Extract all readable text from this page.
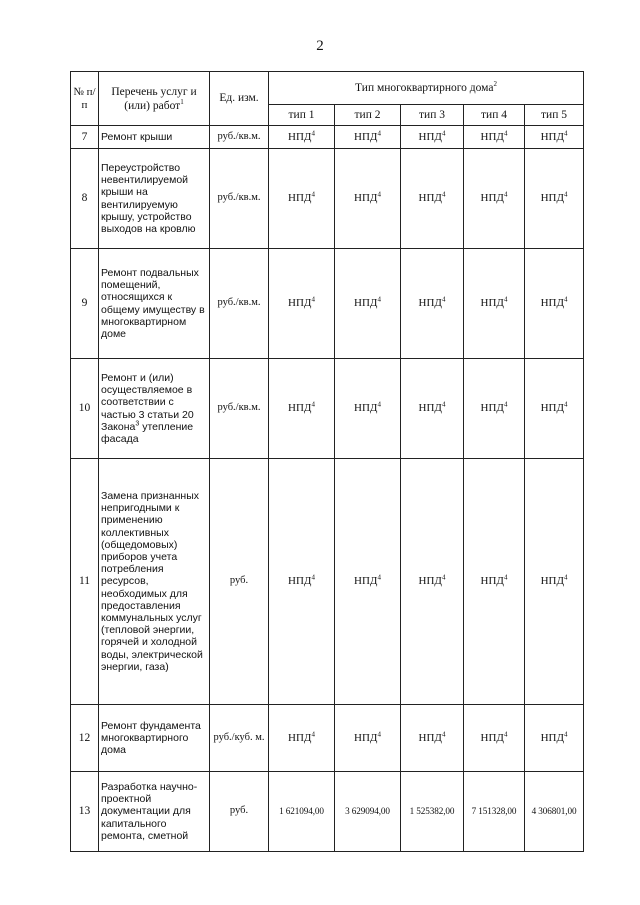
2
№ п/п	Перечень услуг и (или) работ$^1$	Ед. изм.	Тип многоквартирного дома$^2$
			тип 1	тип 2	тип 3	тип 4	тип 5
7	Ремонт крыши	руб./кв.м.	НПД$^4$	НПД$^4$	НПД$^4$	НПД$^4$	НПД$^4$
8	Переустройство невентилируемой крыши на вентилируемую крышу, устройство выходов на кровлю	руб./кв.м.	НПД$^4$	НПД$^4$	НПД$^4$	НПД$^4$	НПД$^4$
9	Ремонт подвальных помещений, относящихся к общему имуществу в многоквартирном доме	руб./кв.м.	НПД$^4$	НПД$^4$	НПД$^4$	НПД$^4$	НПД$^4$
10	Ремонт и (или) осуществляемое в соответствии с частью 3 статьи 20 Закона$^3$ утепление фасада	руб./кв.м.	НПД$^4$	НПД$^4$	НПД$^4$	НПД$^4$	НПД$^4$
11	Замена признанных непригодными к применению коллективных (общедомовых) приборов учета потребления ресурсов, необходимых для предоставления коммунальных услуг (тепловой энергии, горячей и холодной воды, электрической энергии, газа)	руб.	НПД$^4$	НПД$^4$	НПД$^4$	НПД$^4$	НПД$^4$
12	Ремонт фундамента многоквартирного дома	руб./куб. м.	НПД$^4$	НПД$^4$	НПД$^4$	НПД$^4$	НПД$^4$
13	Разработка научно-проектной документации для капитального ремонта, сметной	руб.	1 621094,00	3 629094,00	1 525382,00	7 151328,00	4 306801,00
